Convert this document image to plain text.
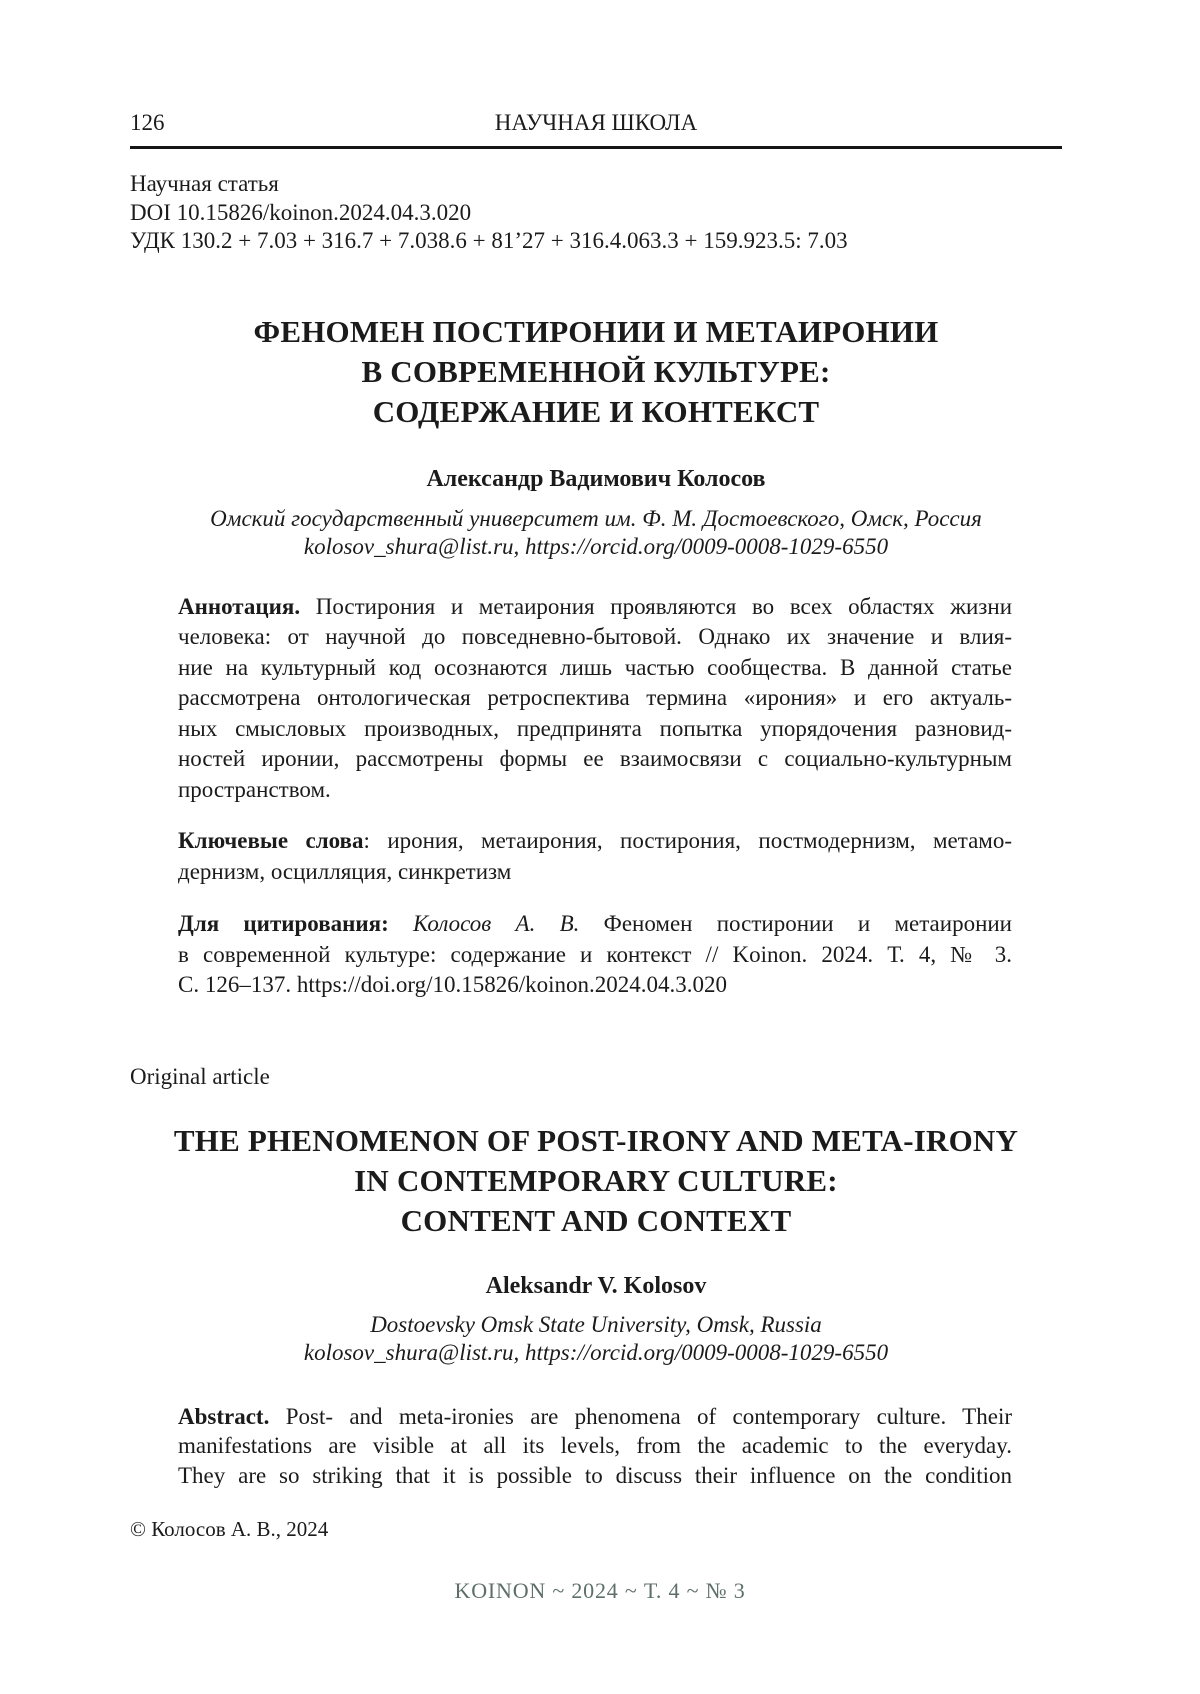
126	НАУЧНАЯ ШКОЛА
Научная статья
DOI 10.15826/koinon.2024.04.3.020
УДК 130.2 + 7.03 + 316.7 + 7.038.6 + 81’27 + 316.4.063.3 + 159.923.5: 7.03
ФЕНОМЕН ПОСТИРОНИИ И МЕТАИРОНИИ
В СОВРЕМЕННОЙ КУЛЬТУРЕ:
СОДЕРЖАНИЕ И КОНТЕКСТ
Александр Вадимович Колосов
Омский государственный университет им. Ф. М. Достоевского, Омск, Россия
kolosov_shura@list.ru, https://orcid.org/0009-0008-1029-6550
Аннотация. Постирония и метаирония проявляются во всех областях жизни
человека: от научной до повседневно-бытовой. Однако их значение и влия-
ние на культурный код осознаются лишь частью сообщества. В данной статье
рассмотрена онтологическая ретроспектива термина «ирония» и его актуаль-
ных смысловых производных, предпринята попытка упорядочения разновид-
ностей иронии, рассмотрены формы ее взаимосвязи с социально-культурным
пространством.
Ключевые слова: ирония, метаирония, постирония, постмодернизм, метамо-
дернизм, осцилляция, синкретизм
Для цитирования: Колосов А. В. Феномен постиронии и метаиронии
в современной культуре: содержание и контекст // Koinon. 2024. Т. 4, № 3.
С. 126–137. https://doi.org/10.15826/koinon.2024.04.3.020
Original article
THE PHENOMENON OF POST-IRONY AND META-IRONY
IN CONTEMPORARY CULTURE:
CONTENT AND CONTEXT
Aleksandr V. Kolosov
Dostoevsky Omsk State University, Omsk, Russia
kolosov_shura@list.ru, https://orcid.org/0009-0008-1029-6550
Abstract. Post- and meta-ironies are phenomena of contemporary culture. Their
manifestations are visible at all its levels, from the academic to the everyday.
They are so striking that it is possible to discuss their influence on the condition
© Колосов А. В., 2024
KOINON ~ 2024 ~ Т. 4 ~ № 3
